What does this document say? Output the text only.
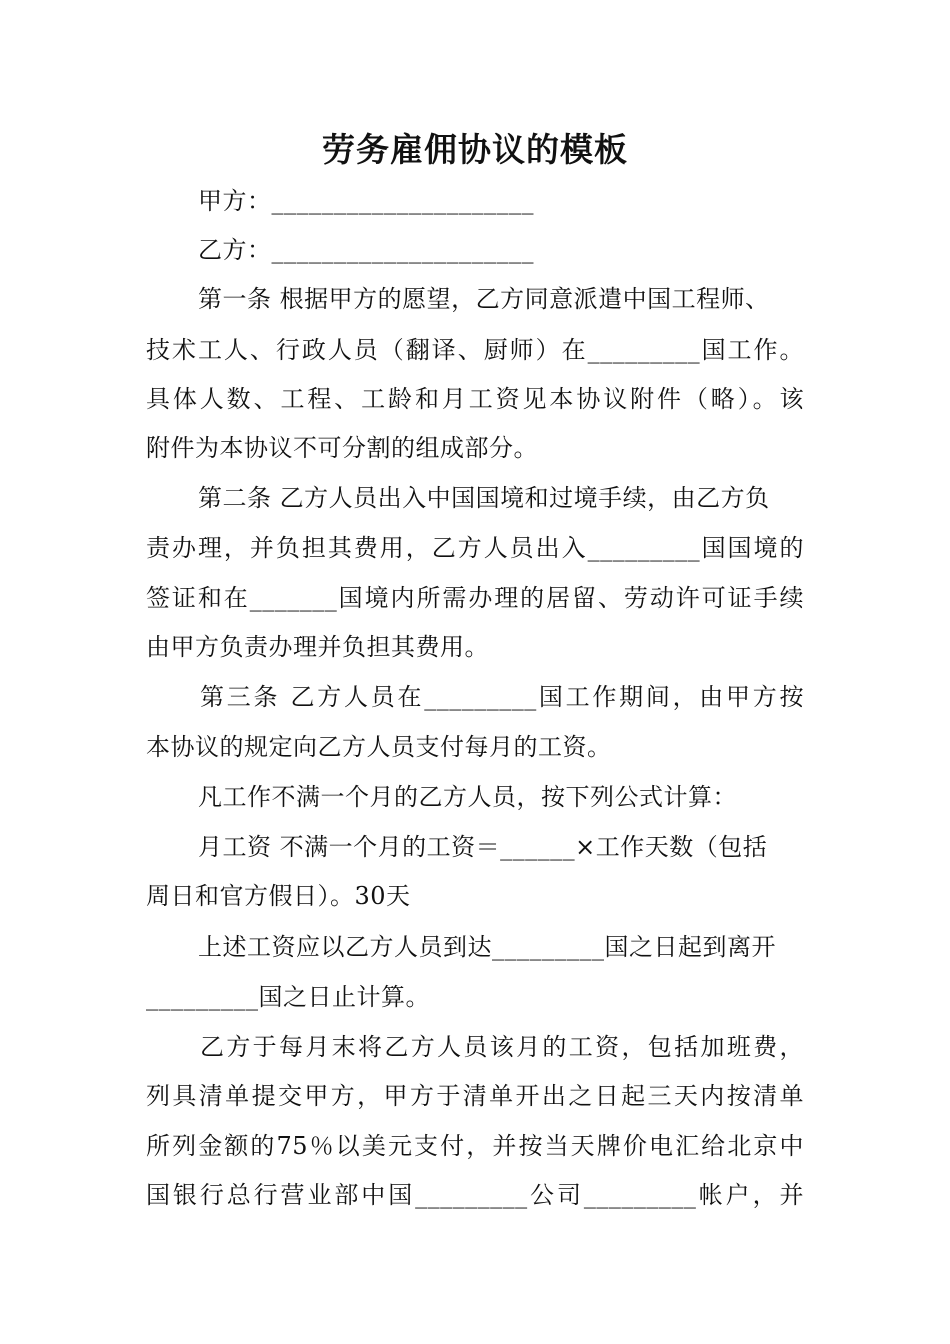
劳务雇佣协议的模板
甲方：_____________________
乙方：_____________________
第一条 根据甲方的愿望，乙方同意派遣中国工程师、
技术工人、行政人员（翻译、厨师）在_________国工作。
具体人数、工程、工龄和月工资见本协议附件（略）。该
附件为本协议不可分割的组成部分。
第二条 乙方人员出入中国国境和过境手续，由乙方负
责办理，并负担其费用，乙方人员出入_________国国境的
签证和在_______国境内所需办理的居留、劳动许可证手续
由甲方负责办理并负担其费用。
第三条 乙方人员在_________国工作期间，由甲方按
本协议的规定向乙方人员支付每月的工资。
凡工作不满一个月的乙方人员，按下列公式计算：
月工资 不满一个月的工资＝______×工作天数（包括
周日和官方假日）。30天
上述工资应以乙方人员到达_________国之日起到离开
_________国之日止计算。
乙方于每月末将乙方人员该月的工资，包括加班费，
列具清单提交甲方，甲方于清单开出之日起三天内按清单
所列金额的75％以美元支付，并按当天牌价电汇给北京中
国银行总行营业部中国_________公司_________帐户，并
